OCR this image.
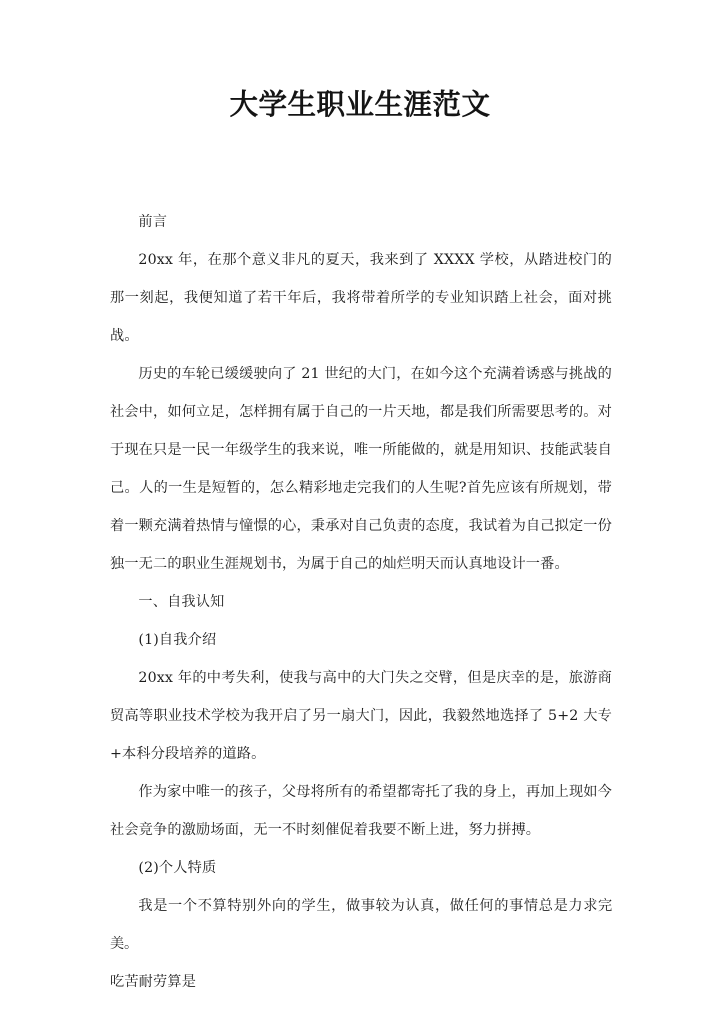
大学生职业生涯范文

前言

20xx 年，在那个意义非凡的夏天，我来到了 XXXX 学校，从踏进校门的那一刻起，我便知道了若干年后，我将带着所学的专业知识踏上社会，面对挑战。

历史的车轮已缓缓驶向了 21 世纪的大门，在如今这个充满着诱惑与挑战的社会中，如何立足，怎样拥有属于自己的一片天地，都是我们所需要思考的。对于现在只是一民一年级学生的我来说，唯一所能做的，就是用知识、技能武装自己。人的一生是短暂的，怎么精彩地走完我们的人生呢?首先应该有所规划，带着一颗充满着热情与憧憬的心，秉承对自己负责的态度，我试着为自己拟定一份独一无二的职业生涯规划书，为属于自己的灿烂明天而认真地设计一番。

一、自我认知

(1)自我介绍

20xx 年的中考失利，使我与高中的大门失之交臂，但是庆幸的是，旅游商贸高等职业技术学校为我开启了另一扇大门，因此，我毅然地选择了 5+2 大专+本科分段培养的道路。

作为家中唯一的孩子，父母将所有的希望都寄托了我的身上，再加上现如今社会竞争的激励场面，无一不时刻催促着我要不断上进，努力拼搏。

(2)个人特质

我是一个不算特别外向的学生，做事较为认真，做任何的事情总是力求完美。

吃苦耐劳算是
